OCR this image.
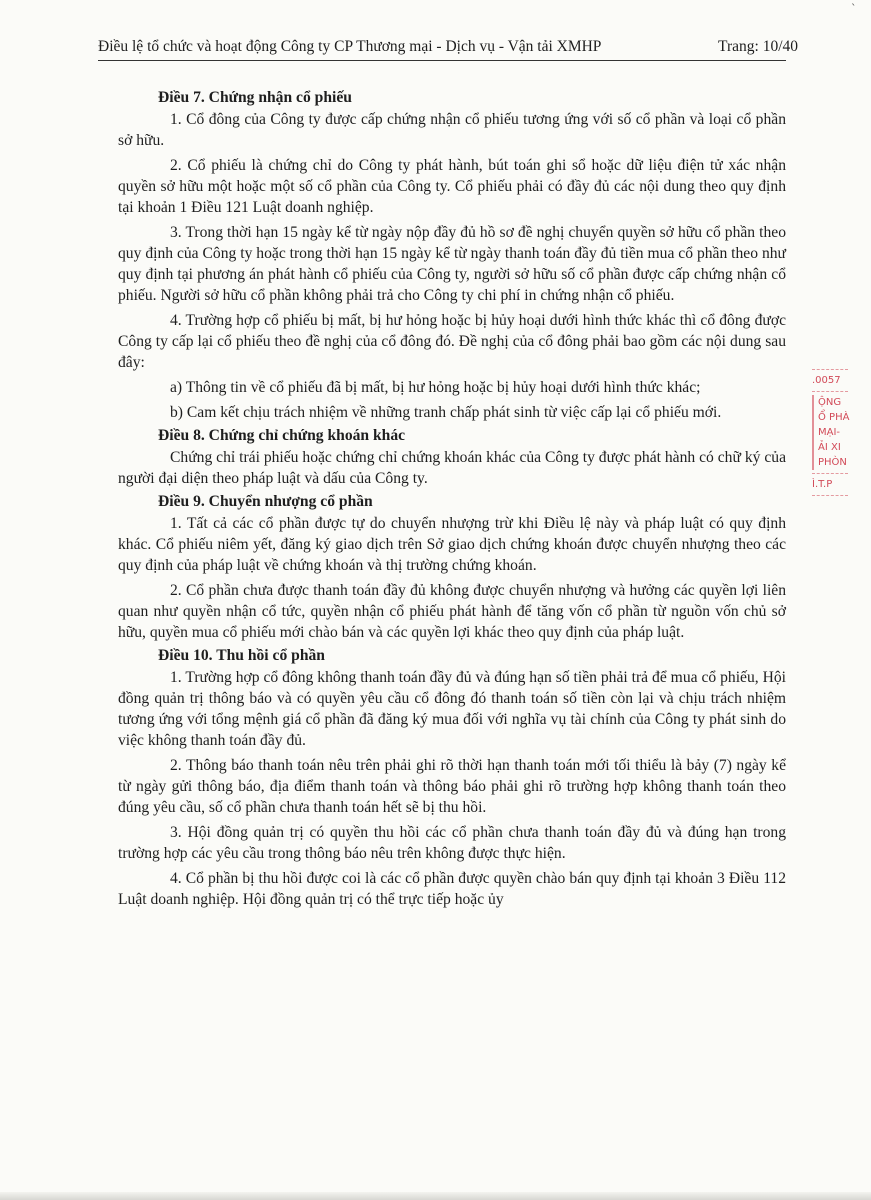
ˋ
Điều lệ tổ chức và hoạt động Công ty CP Thương mại - Dịch vụ - Vận tải XMHP	Trang: 10/40
Điều 7. Chứng nhận cổ phiếu

1. Cổ đông của Công ty được cấp chứng nhận cổ phiếu tương ứng với số cổ phần và loại cổ phần sở hữu.

2. Cổ phiếu là chứng chỉ do Công ty phát hành, bút toán ghi sổ hoặc dữ liệu điện tử xác nhận quyền sở hữu một hoặc một số cổ phần của Công ty. Cổ phiếu phải có đầy đủ các nội dung theo quy định tại khoản 1 Điều 121 Luật doanh nghiệp.

3. Trong thời hạn 15 ngày kể từ ngày nộp đầy đủ hồ sơ đề nghị chuyển quyền sở hữu cổ phần theo quy định của Công ty hoặc trong thời hạn 15 ngày kể từ ngày thanh toán đầy đủ tiền mua cổ phần theo như quy định tại phương án phát hành cổ phiếu của Công ty, người sở hữu số cổ phần được cấp chứng nhận cổ phiếu. Người sở hữu cổ phần không phải trả cho Công ty chi phí in chứng nhận cổ phiếu.

4. Trường hợp cổ phiếu bị mất, bị hư hỏng hoặc bị hủy hoại dưới hình thức khác thì cổ đông được Công ty cấp lại cổ phiếu theo đề nghị của cổ đông đó. Đề nghị của cổ đông phải bao gồm các nội dung sau đây:

a) Thông tin về cổ phiếu đã bị mất, bị hư hỏng hoặc bị hủy hoại dưới hình thức khác;

b) Cam kết chịu trách nhiệm về những tranh chấp phát sinh từ việc cấp lại cổ phiếu mới.

Điều 8. Chứng chỉ chứng khoán khác

Chứng chỉ trái phiếu hoặc chứng chỉ chứng khoán khác của Công ty được phát hành có chữ ký của người đại diện theo pháp luật và dấu của Công ty.

Điều 9. Chuyển nhượng cổ phần

1. Tất cả các cổ phần được tự do chuyển nhượng trừ khi Điều lệ này và pháp luật có quy định khác. Cổ phiếu niêm yết, đăng ký giao dịch trên Sở giao dịch chứng khoán được chuyển nhượng theo các quy định của pháp luật về chứng khoán và thị trường chứng khoán.

2. Cổ phần chưa được thanh toán đầy đủ không được chuyển nhượng và hưởng các quyền lợi liên quan như quyền nhận cổ tức, quyền nhận cổ phiếu phát hành để tăng vốn cổ phần từ nguồn vốn chủ sở hữu, quyền mua cổ phiếu mới chào bán và các quyền lợi khác theo quy định của pháp luật.

Điều 10. Thu hồi cổ phần

1. Trường hợp cổ đông không thanh toán đầy đủ và đúng hạn số tiền phải trả để mua cổ phiếu, Hội đồng quản trị thông báo và có quyền yêu cầu cổ đông đó thanh toán số tiền còn lại và chịu trách nhiệm tương ứng với tổng mệnh giá cổ phần đã đăng ký mua đối với nghĩa vụ tài chính của Công ty phát sinh do việc không thanh toán đầy đủ.

2. Thông báo thanh toán nêu trên phải ghi rõ thời hạn thanh toán mới tối thiểu là bảy (7) ngày kể từ ngày gửi thông báo, địa điểm thanh toán và thông báo phải ghi rõ trường hợp không thanh toán theo đúng yêu cầu, số cổ phần chưa thanh toán hết sẽ bị thu hồi.

3. Hội đồng quản trị có quyền thu hồi các cổ phần chưa thanh toán đầy đủ và đúng hạn trong trường hợp các yêu cầu trong thông báo nêu trên không được thực hiện.

4. Cổ phần bị thu hồi được coi là các cổ phần được quyền chào bán quy định tại khoản 3 Điều 112 Luật doanh nghiệp. Hội đồng quản trị có thể trực tiếp hoặc ủy

.0057
ỘNG
Ổ PHÀ
MẠI-
ẢI XI
PHÒN
Ì.T.P
